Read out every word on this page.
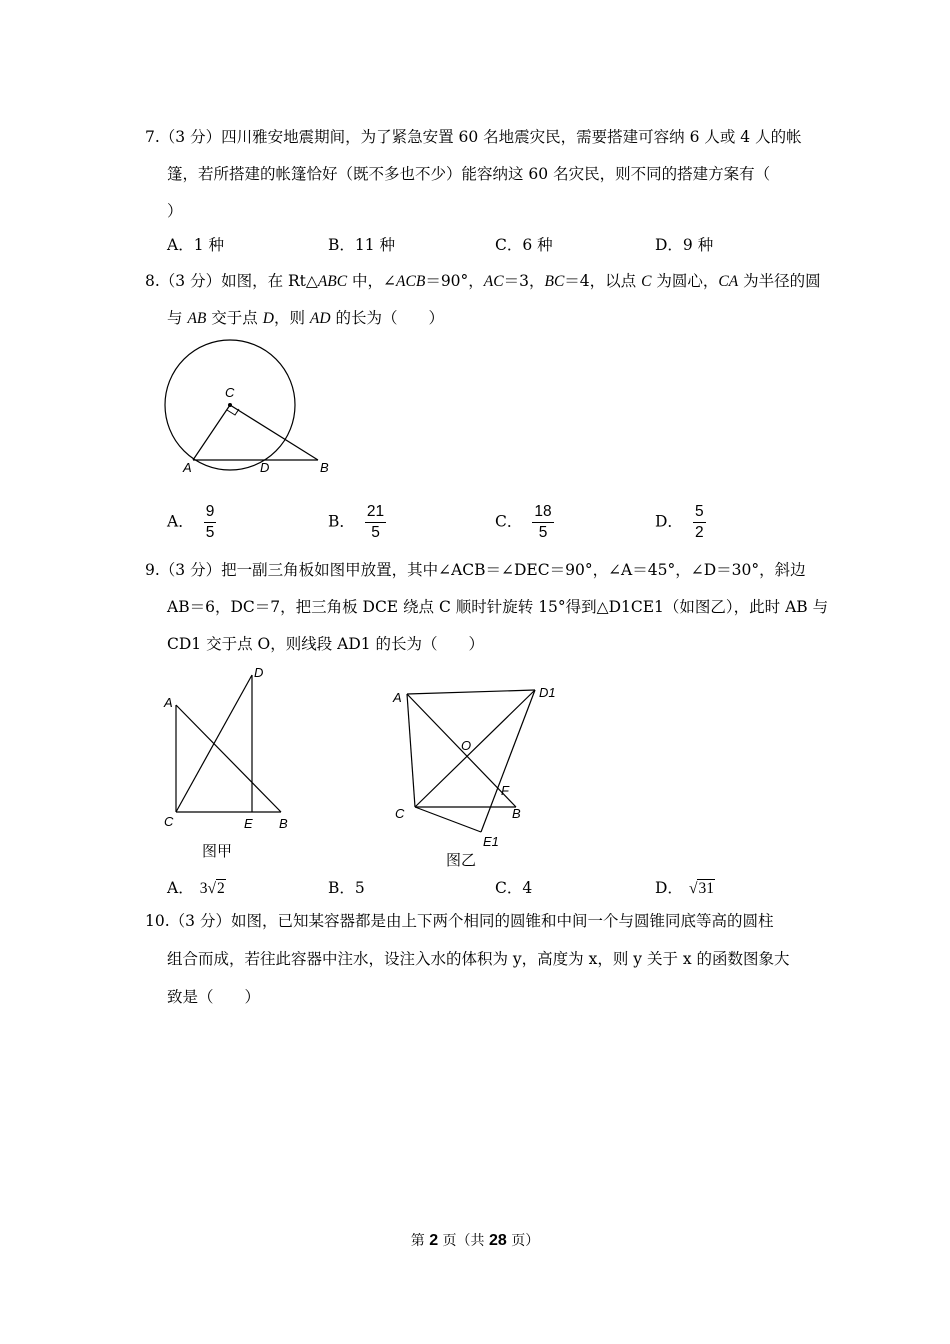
7.（3 分）四川雅安地震期间，为了紧急安置 60 名地震灾民，需要搭建可容纳 6 人或 4 人的帐
篷，若所搭建的帐篷恰好（既不多也不少）能容纳这 60 名灾民，则不同的搭建方案有（
）
A．1 种	B．11 种	C．6 种	D．9 种
8.（3 分）如图，在 Rt△ABC 中，∠ACB＝90°，AC＝3，BC＝4，以点 C 为圆心，CA 为半径的圆
与 AB 交于点 D，则 AD 的长为（　　）
C
A	D	B
A． $\frac{9}{5}$	B． $\frac{21}{5}$	C． $\frac{18}{5}$	D． $\frac{5}{2}$
9.（3 分）把一副三角板如图甲放置，其中∠ACB＝∠DEC＝90°，∠A＝45°，∠D＝30°，斜边
AB＝6，DC＝7，把三角板 DCE 绕点 C 顺时针旋转 15°得到△D1CE1（如图乙），此时 AB 与
CD1 交于点 O，则线段 AD1 的长为（　　）
A
D
C	E B
图甲
A	D1
O
F
C	B
E1
图乙
A． 3√2	B．5	C．4	D． √31
10.（3 分）如图，已知某容器都是由上下两个相同的圆锥和中间一个与圆锥同底等高的圆柱
组合而成，若往此容器中注水，设注入水的体积为 y，高度为 x，则 y 关于 x 的函数图象大
致是（　　）
第 2 页（共 28 页）
